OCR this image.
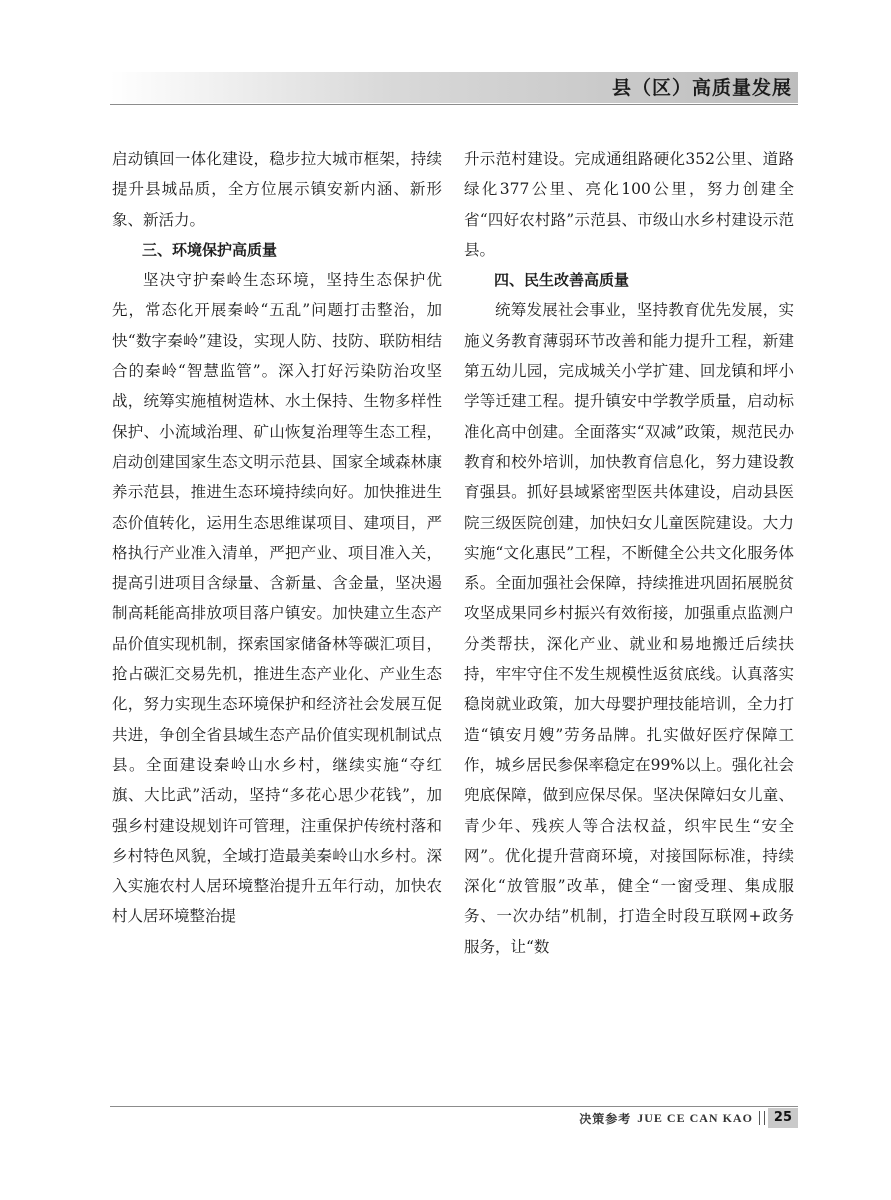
县（区）高质量发展

启动镇回一体化建设，稳步拉大城市框架，持续提升县城品质，全方位展示镇安新内涵、新形象、新活力。

三、环境保护高质量

坚决守护秦岭生态环境，坚持生态保护优先，常态化开展秦岭“五乱”问题打击整治，加快“数字秦岭”建设，实现人防、技防、联防相结合的秦岭“智慧监管”。深入打好污染防治攻坚战，统筹实施植树造林、水土保持、生物多样性保护、小流域治理、矿山恢复治理等生态工程，启动创建国家生态文明示范县、国家全域森林康养示范县，推进生态环境持续向好。加快推进生态价值转化，运用生态思维谋项目、建项目，严格执行产业准入清单，严把产业、项目准入关，提高引进项目含绿量、含新量、含金量，坚决遏制高耗能高排放项目落户镇安。加快建立生态产品价值实现机制，探索国家储备林等碳汇项目，抢占碳汇交易先机，推进生态产业化、产业生态化，努力实现生态环境保护和经济社会发展互促共进，争创全省县域生态产品价值实现机制试点县。全面建设秦岭山水乡村，继续实施“夺红旗、大比武”活动，坚持“多花心思少花钱”，加强乡村建设规划许可管理，注重保护传统村落和乡村特色风貌，全域打造最美秦岭山水乡村。深入实施农村人居环境整治提升五年行动，加快农村人居环境整治提

升示范村建设。完成通组路硬化352公里、道路绿化377公里、亮化100公里，努力创建全省“四好农村路”示范县、市级山水乡村建设示范县。

四、民生改善高质量

统筹发展社会事业，坚持教育优先发展，实施义务教育薄弱环节改善和能力提升工程，新建第五幼儿园，完成城关小学扩建、回龙镇和坪小学等迁建工程。提升镇安中学教学质量，启动标准化高中创建。全面落实“双减”政策，规范民办教育和校外培训，加快教育信息化，努力建设教育强县。抓好县域紧密型医共体建设，启动县医院三级医院创建，加快妇女儿童医院建设。大力实施“文化惠民”工程，不断健全公共文化服务体系。全面加强社会保障，持续推进巩固拓展脱贫攻坚成果同乡村振兴有效衔接，加强重点监测户分类帮扶，深化产业、就业和易地搬迁后续扶持，牢牢守住不发生规模性返贫底线。认真落实稳岗就业政策，加大母婴护理技能培训，全力打造“镇安月嫂”劳务品牌。扎实做好医疗保障工作，城乡居民参保率稳定在99%以上。强化社会兜底保障，做到应保尽保。坚决保障妇女儿童、青少年、残疾人等合法权益，织牢民生“安全网”。优化提升营商环境，对接国际标准，持续深化“放管服”改革，健全“一窗受理、集成服务、一次办结”机制，打造全时段互联网+政务服务，让“数

决策参考 JUE CE CAN KAO	25
